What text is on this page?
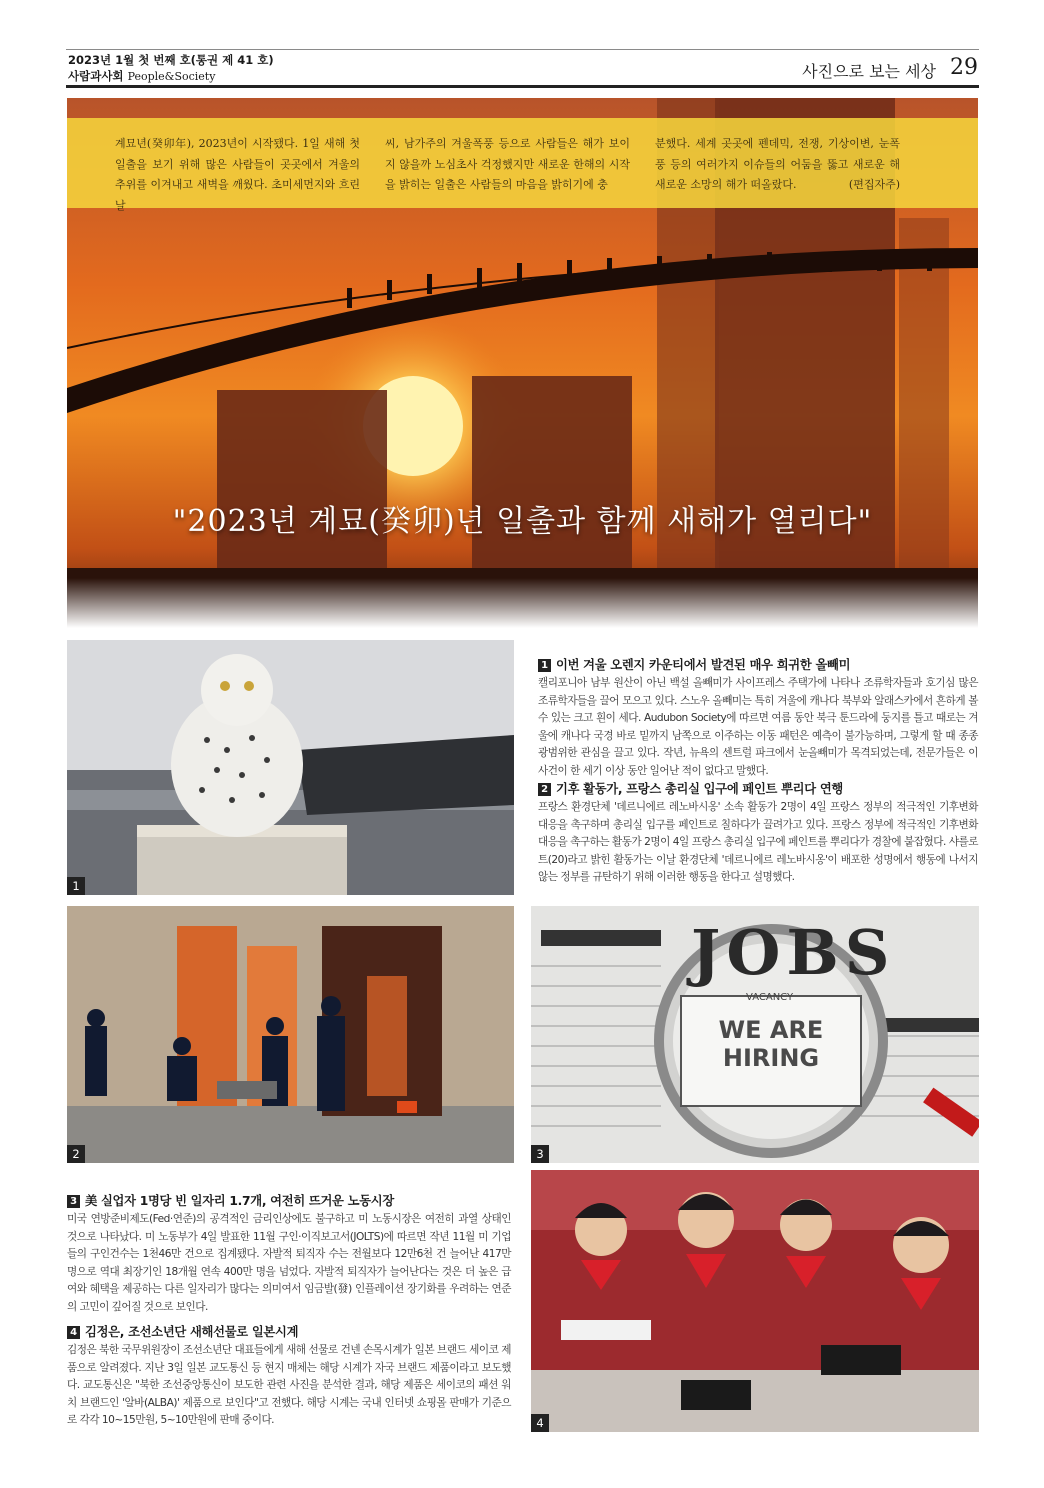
2023년 1월 첫 번째 호(통권 제 41 호)
사람과사회 People&Society	사진으로 보는 세상 29
계묘년(癸卯年), 2023년이 시작됐다. 1일 새해 첫 일출을 보기 위해 많은 사람들이 곳곳에서 겨울의 추위를 이겨내고 새벽을 깨웠다. 초미세먼지와 흐린 날
씨, 남가주의 겨울폭풍 등으로 사람들은 해가 보이지 않을까 노심초사 걱정했지만 새로운 한해의 시작을 밝히는 일출은 사람들의 마음을 밝히기에 충
분했다. 세계 곳곳에 펜데믹, 전쟁, 기상이변, 눈폭풍 등의 여러가지 이슈들의 어둠을 뚫고 새로운 해 새로운 소망의 해가 떠올랐다.	(편집자주)
"2023년 계묘(癸卯)년 일출과 함께 새해가 열리다"
1
1 이번 겨울 오렌지 카운티에서 발견된 매우 희귀한 올빼미
캘리포니아 남부 원산이 아닌 백설 올빼미가 사이프레스 주택가에 나타나 조류학자들과 호기심 많은 조류학자들을 끌어 모으고 있다. 스노우 올빼미는 특히 겨울에 캐나다 북부와 알래스카에서 흔하게 볼 수 있는 크고 흰이 세다. Audubon Society에 따르면 여름 동안 북극 툰드라에 둥지를 틀고 때로는 겨울에 캐나다 국경 바로 밑까지 남쪽으로 이주하는 이동 패턴은 예측이 불가능하며, 그렇게 할 때 종종 광범위한 관심을 끌고 있다. 작년, 뉴욕의 센트럴 파크에서 눈올빼미가 목격되었는데, 전문가들은 이 사건이 한 세기 이상 동안 일어난 적이 없다고 말했다.
2 기후 활동가, 프랑스 총리실 입구에 페인트 뿌리다 연행
프랑스 환경단체 '데르니에르 레노바시옹' 소속 활동가 2명이 4일 프랑스 정부의 적극적인 기후변화 대응을 촉구하며 총리실 입구를 페인트로 칠하다가 끌려가고 있다. 프랑스 정부에 적극적인 기후변화 대응을 촉구하는 활동가 2명이 4일 프랑스 총리실 입구에 페인트를 뿌리다가 경찰에 붙잡혔다. 샤를로트(20)라고 밝힌 활동가는 이날 환경단체 '데르니에르 레노바시옹'이 배포한 성명에서 행동에 나서지 않는 정부를 규탄하기 위해 이러한 행동을 한다고 설명했다.
2
JOBS
VACANCY
WE ARE HIRING
3
3 美 실업자 1명당 빈 일자리 1.7개, 여전히 뜨거운 노동시장
미국 연방준비제도(Fed·연준)의 공격적인 금리인상에도 불구하고 미 노동시장은 여전히 과열 상태인 것으로 나타났다. 미 노동부가 4일 발표한 11월 구인·이직보고서(JOLTS)에 따르면 작년 11월 미 기업들의 구인건수는 1천46만 건으로 집계됐다. 자발적 퇴직자 수는 전월보다 12만6천 건 늘어난 417만 명으로 역대 최장기인 18개월 연속 400만 명을 넘었다. 자발적 퇴직자가 늘어난다는 것은 더 높은 급여와 혜택을 제공하는 다른 일자리가 많다는 의미여서 임금발(發) 인플레이션 장기화를 우려하는 연준의 고민이 깊어질 것으로 보인다.
4 김정은, 조선소년단 새해선물로 일본시계
김정은 북한 국무위원장이 조선소년단 대표들에게 새해 선물로 건넨 손목시계가 일본 브랜드 세이코 제품으로 알려졌다. 지난 3일 일본 교도통신 등 현지 매체는 해당 시계가 자국 브랜드 제품이라고 보도했다. 교도통신은 "북한 조선중앙통신이 보도한 관련 사진을 분석한 결과, 해당 제품은 세이코의 패션 워치 브랜드인 '알바(ALBA)' 제품으로 보인다"고 전했다. 해당 시계는 국내 인터넷 쇼핑몰 판매가 기준으로 각각 10~15만원, 5~10만원에 판매 중이다.	4
